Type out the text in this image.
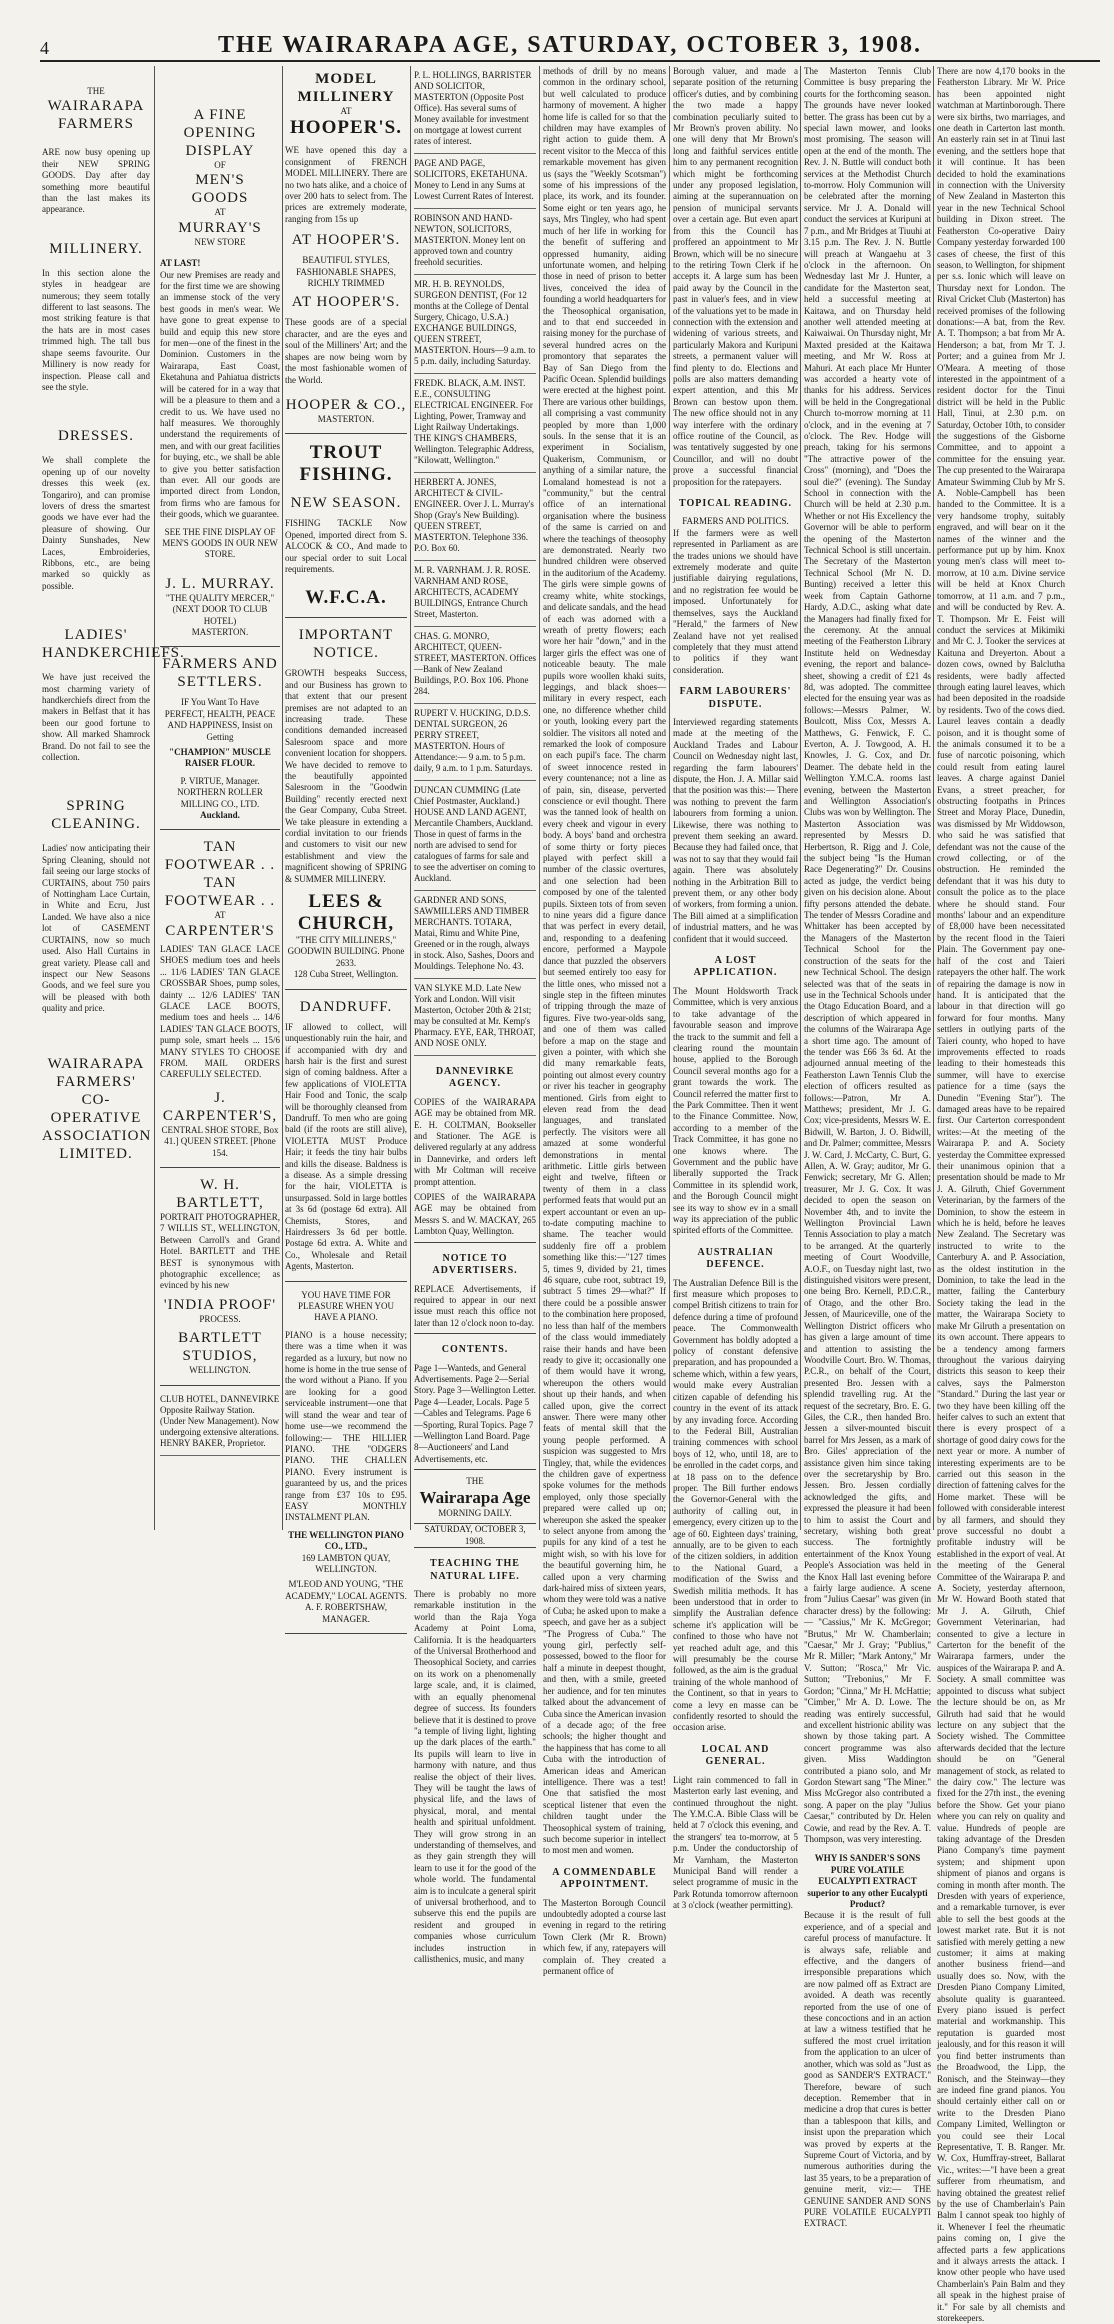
4	THE WAIRARAPA AGE, SATURDAY, OCTOBER 3, 1908.
THE
WAIRARAPA
FARMERS
ARE now busy opening up their NEW SPRING GOODS. Day after day something more beautiful than the last makes its appearance.
MILLINERY.
In this section alone the styles in headgear are numerous; they seem totally different to last seasons. The most striking feature is that the hats are in most cases trimmed high. The tall bus shape seems favourite. Our Millinery is now ready for inspection. Please call and see the style.
DRESSES.
We shall complete the opening up of our novelty dresses this week (ex. Tongariro), and can promise lovers of dress the smartest goods we have ever had the pleasure of showing. Our Dainty Sunshades, New Laces, Embroideries, Ribbons, etc., are being marked so quickly as possible.
LADIES' HANDKERCHIEFS.
We have just received the most charming variety of handkerchiefs direct from the makers in Belfast that it has been our good fortune to show. All marked Shamrock Brand. Do not fail to see the collection.
SPRING CLEANING.
Ladies' now anticipating their Spring Cleaning, should not fail seeing our large stocks of CURTAINS, about 750 pairs of Nottingham Lace Curtain, in White and Ecru, Just Landed. We have also a nice lot of CASEMENT CURTAINS, now so much used. Also Hall Curtains in great variety. Please call and inspect our New Seasons Goods, and we feel sure you will be pleased with both quality and price.
WAIRARAPA
FARMERS'
CO-OPERATIVE
ASSOCIATION
LIMITED.
A FINE
OPENING
DISPLAY
OF
MEN'S
GOODS
AT
MURRAY'S
NEW STORE
AT LAST!
Our new Premises are ready and for the first time we are showing an immense stock of the very best goods in men's wear. We have gone to great expense to build and equip this new store for men—one of the finest in the Dominion. Customers in the Wairarapa, East Coast, Eketahuna and Pahiatua districts will be catered for in a way that will be a pleasure to them and a credit to us. We have used no half measures. We thoroughly understand the requirements of men, and with our great facilities for buying, etc., we shall be able to give you better satisfaction than ever. All our goods are imported direct from London, from firms who are famous for their goods, which we guarantee.
SEE THE FINE DISPLAY OF MEN'S GOODS IN OUR NEW STORE.
J. L. MURRAY.
"THE QUALITY MERCER,"
(NEXT DOOR TO CLUB HOTEL)
MASTERTON.
FARMERS AND SETTLERS.
IF You Want To Have PERFECT, HEALTH, PEACE AND HAPPINESS, Insist on Getting
"CHAMPION" MUSCLE RAISER FLOUR.
P. VIRTUE, Manager.
NORTHERN ROLLER MILLING CO., LTD.
Auckland.
TAN FOOTWEAR . .
TAN FOOTWEAR . .
AT
CARPENTER'S
LADIES' TAN GLACE LACE SHOES medium toes and heels ... 11/6 LADIES' TAN GLACE CROSSBAR Shoes, pump soles, dainty ... 12/6 LADIES' TAN GLACE LACE BOOTS, medium toes and heels ... 14/6 LADIES' TAN GLACE BOOTS, pump sole, smart heels ... 15/6 MANY STYLES TO CHOOSE FROM. MAIL ORDERS CAREFULLY SELECTED.
J. CARPENTER'S,
CENTRAL SHOE STORE, Box 41.] QUEEN STREET. [Phone 154.
W. H. BARTLETT,
PORTRAIT PHOTOGRAPHER, 7 WILLIS ST., WELLINGTON, Between Carroll's and Grand Hotel. BARTLETT and THE BEST is synonymous with photographic excellence; as evinced by his new
'INDIA PROOF'
PROCESS.
BARTLETT
STUDIOS,
WELLINGTON.
CLUB HOTEL, DANNEVIRKE Opposite Railway Station. (Under New Management). Now undergoing extensive alterations. HENRY BAKER, Proprietor.
MODEL MILLINERY
AT
HOOPER'S.
WE have opened this day a consignment of FRENCH MODEL MILLINERY. There are no two hats alike, and a choice of over 200 hats to select from. The prices are extremely moderate, ranging from 15s up
AT HOOPER'S.
BEAUTIFUL STYLES, FASHIONABLE SHAPES, RICHLY TRIMMED
AT HOOPER'S.
These goods are of a special character, and are the eyes and soul of the Milliners' Art; and the shapes are now being worn by the most fashionable women of the World.
HOOPER & CO.,
MASTERTON.
TROUT
FISHING.
NEW SEASON.
FISHING TACKLE Now Opened, imported direct from S. ALCOCK & CO., And made to our special order to suit Local requirements.
W.F.C.A.
IMPORTANT NOTICE.
GROWTH bespeaks Success, and our Business has grown to that extent that our present premises are not adapted to an increasing trade. These conditions demanded increased Salesroom space and more convenient location for shoppers. We have decided to remove to the beautifully appointed Salesroom in the "Goodwin Building" recently erected next the Gear Company, Cuba Street. We take pleasure in extending a cordial invitation to our friends and customers to visit our new establishment and view the magnificent showing of SPRING & SUMMER MILLINERY.
LEES & CHURCH,
"THE CITY MILLINERS,"
GOODWIN BUILDING. Phone 2633.
128 Cuba Street, Wellington.
DANDRUFF.
IF allowed to collect, will unquestionably ruin the hair, and if accompanied with dry and harsh hair is the first and surest sign of coming baldness. After a few applications of VIOLETTA Hair Food and Tonic, the scalp will be thoroughly cleansed from Dandruff. To men who are going bald (if the roots are still alive), VIOLETTA MUST Produce Hair; it feeds the tiny hair bulbs and kills the disease. Baldness is a disease. As a simple dressing for the hair, VIOLETTA is unsurpassed. Sold in large bottles at 3s 6d (postage 6d extra). All Chemists, Stores, and Hairdressers 3s 6d per bottle. Postage 6d extra. A. White and Co., Wholesale and Retail Agents, Masterton.
YOU HAVE TIME FOR PLEASURE WHEN YOU HAVE A PIANO.
PIANO is a house necessity; there was a time when it was regarded as a luxury, but now no home is home in the true sense of the word without a Piano. If you are looking for a good serviceable instrument—one that will stand the wear and tear of home use—we recommend the following:— THE HILLIER PIANO. THE "ODGERS PIANO. THE CHALLEN PIANO. Every instrument is guaranteed by us, and the prices range from £37 10s to £95. EASY MONTHLY INSTALMENT PLAN.
THE WELLINGTON PIANO CO., LTD.,
169 LAMBTON QUAY, WELLINGTON.
M'LEOD AND YOUNG, "THE ACADEMY," LOCAL AGENTS.
A. F. ROBERTSHAW, MANAGER.
P. L. HOLLINGS, BARRISTER AND SOLICITOR, MASTERTON (Opposite Post Office). Has several sums of Money available for investment on mortgage at lowest current rates of interest.
PAGE AND PAGE, SOLICITORS, EKETAHUNA. Money to Lend in any Sums at Lowest Current Rates of Interest.
ROBINSON AND HAND-NEWTON, SOLICITORS, MASTERTON. Money lent on approved town and country freehold securities.
MR. H. B. REYNOLDS, SURGEON DENTIST, (For 12 months at the College of Dental Surgery, Chicago, U.S.A.) EXCHANGE BUILDINGS, QUEEN STREET, MASTERTON. Hours—9 a.m. to 5 p.m. daily, including Saturday.
FREDK. BLACK, A.M. INST. E.E., CONSULTING ELECTRICAL ENGINEER. For Lighting, Power, Tramway and Light Railway Undertakings. THE KING'S CHAMBERS, Wellington. Telegraphic Address, "Kilowatt, Wellington."
HERBERT A. JONES, ARCHITECT & CIVIL-ENGINEER. Over J. L. Murray's Shop (Gray's New Building). QUEEN STREET, MASTERTON. Telephone 336. P.O. Box 60.
M. R. VARNHAM. J. R. ROSE. VARNHAM AND ROSE, ARCHITECTS, ACADEMY BUILDINGS, Entrance Church Street, Masterton.
CHAS. G. MONRO, ARCHITECT, QUEEN-STREET, MASTERTON. Offices—Bank of New Zealand Buildings, P.O. Box 106. Phone 284.
RUPERT V. HUCKING, D.D.S. DENTAL SURGEON, 26 PERRY STREET, MASTERTON. Hours of Attendance:— 9 a.m. to 5 p.m. daily, 9 a.m. to 1 p.m. Saturdays.
DUNCAN CUMMING (Late Chief Postmaster, Auckland.) HOUSE AND LAND AGENT, Mercantile Chambers, Auckland. Those in quest of farms in the north are advised to send for catalogues of farms for sale and to see the advertiser on coming to Auckland.
GARDNER AND SONS, SAWMILLERS AND TIMBER MERCHANTS. TOTARA, Matai, Rimu and White Pine, Greened or in the rough, always in stock. Also, Sashes, Doors and Mouldings. Telephone No. 43.
VAN SLYKE M.D. Late New York and London. Will visit Masterton, October 20th & 21st; may be consulted at Mr. Kemp's Pharmacy. EYE, EAR, THROAT, AND NOSE ONLY.
DANNEVIRKE AGENCY.
COPIES of the WAIRARAPA AGE may be obtained from MR. E. H. COLTMAN, Bookseller and Stationer. The AGE is delivered regularly at any address in Dannevirke, and orders left with Mr Coltman will receive prompt attention.
COPIES of the WAIRARAPA AGE may be obtained from Messrs S. and W. MACKAY, 265 Lambton Quay, Wellington.
NOTICE TO ADVERTISERS.
REPLACE Advertisements, if required to appear in our next issue must reach this office not later than 12 o'clock noon to-day.
CONTENTS.
Page 1—Wanteds, and General Advertisements. Page 2—Serial Story. Page 3—Wellington Letter. Page 4—Leader, Locals. Page 5—Cables and Telegrams. Page 6—Sporting, Rural Topics. Page 7—Wellington Land Board. Page 8—Auctioneers' and Land Advertisements, etc.
THE
Wairarapa Age
MORNING DAILY.
SATURDAY, OCTOBER 3, 1908.
TEACHING THE NATURAL LIFE.
There is probably no more remarkable institution in the world than the Raja Yoga Academy at Point Loma, California. It is the headquarters of the Universal Brotherhood and Theosophical Society, and carries on its work on a phenomenally large scale, and, it is claimed, with an equally phenomenal degree of success. Its founders believe that it is destined to prove "a temple of living light, lighting up the dark places of the earth." Its pupils will learn to live in harmony with nature, and thus realise the object of their lives. They will be taught the laws of physical life, and the laws of physical, moral, and mental health and spiritual unfoldment. They will grow strong in an understanding of themselves, and as they gain strength they will learn to use it for the good of the whole world. The fundamental aim is to inculcate a general spirit of universal brotherhood, and to subserve this end the pupils are resident and grouped in companies whose curriculum includes instruction in callisthenics, music, and many
methods of drill by no means common in the ordinary school, but well calculated to produce harmony of movement. A higher home life is called for so that the children may have examples of right action to guide them. A recent visitor to the Mecca of this remarkable movement has given us (says the "Weekly Scotsman") some of his impressions of the place, its work, and its founder. Some eight or ten years ago, he says, Mrs Tingley, who had spent much of her life in working for the benefit of suffering and oppressed humanity, aiding unfortunate women, and helping those in need of prison to better lives, conceived the idea of founding a world headquarters for the Theosophical organisation, and to that end succeeded in raising money for the purchase of several hundred acres on the promontory that separates the Bay of San Diego from the Pacific Ocean. Splendid buildings were erected at the highest point. There are various other buildings, all comprising a vast community peopled by more than 1,000 souls. In the sense that it is an experiment in Socialism, Quakerism, Communism, or anything of a similar nature, the Lomaland homestead is not a "community," but the central office of an international organisation where the business of the same is carried on and where the teachings of theosophy are demonstrated. Nearly two hundred children were observed in the auditorium of the Academy. The girls were simple gowns of creamy white, white stockings, and delicate sandals, and the head of each was adorned with a wreath of pretty flowers; each wore her hair "down," and in the larger girls the effect was one of noticeable beauty. The male pupils wore woollen khaki suits, leggings, and black shoes—military in every respect, each one, no difference whether child or youth, looking every part the soldier. The visitors all noted and remarked the look of composure on each pupil's face. The charm of sweet innocence rested in every countenance; not a line as of pain, sin, disease, perverted conscience or evil thought. There was the tanned look of health on every cheek and vigour in every body. A boys' band and orchestra of some thirty or forty pieces played with perfect skill a number of the classic overtures, and one selection had been composed by one of the talented pupils. Sixteen tots of from seven to nine years did a figure dance that was perfect in every detail, and, responding to a deafening encore, performed a Maypole dance that puzzled the observers but seemed entirely too easy for the little ones, who missed not a single step in the fifteen minutes of tripping through the maze of figures. Five two-year-olds sang, and one of them was called before a map on the stage and given a pointer, with which she did many remarkable feats, pointing out almost every country or river his teacher in geography mentioned. Girls from eight to eleven read from the dead languages, and translated perfectly. The visitors were all amazed at some wonderful demonstrations in mental arithmetic. Little girls between eight and twelve, fifteen or twenty of them in a class performed feats that would put an expert accountant or even an up-to-date computing machine to shame. The teacher would suddenly fire off a problem something like this:—"127 times 5, times 9, divided by 21, times 46 square, cube root, subtract 19, subtract 5 times 29—what?" If there could be a possible answer to the combination here proposed, no less than half of the members of the class would immediately raise their hands and have been ready to give it; occasionally one of them would have it wrong, whereupon the others would shout up their hands, and when called upon, give the correct answer. There were many other feats of mental skill that the young people performed. A suspicion was suggested to Mrs Tingley, that, while the evidences the children gave of expertness spoke volumes for the methods employed, only those specially prepared were called up on; whereupon she asked the speaker to select anyone from among the pupils for any kind of a test he might wish, so with his love for the beautiful governing him, he called upon a very charming dark-haired miss of sixteen years, whom they were told was a native of Cuba; he asked upon to make a speech, and gave her as a subject "The Progress of Cuba." The young girl, perfectly self-possessed, bowed to the floor for half a minute in deepest thought, and then, with a smile, greeted her audience, and for ten minutes talked about the advancement of Cuba since the American invasion of a decade ago; of the free schools; the higher thought and the happiness that has come to all Cuba with the introduction of American ideas and American intelligence. There was a test! One that satisfied the most sceptical listener that even the children taught under the Theosophical system of training, such become superior in intellect to most men and women.
A COMMENDABLE APPOINTMENT.
The Masterton Borough Council undoubtedly adopted a course last evening in regard to the retiring Town Clerk (Mr R. Brown) which few, if any, ratepayers will complain of. They created a permanent office of
Borough valuer, and made a separate position of the returning officer's duties, and by combining the two made a happy combination peculiarly suited to Mr Brown's proven ability. No one will deny that Mr Brown's long and faithful services entitle him to any permanent recognition which might be forthcoming under any proposed legislation, aiming at the superannuation on pension of municipal servants over a certain age. But even apart from this the Council has proffered an appointment to Mr Brown, which will be no sinecure to the retiring Town Clerk if he accepts it. A large sum has been paid away by the Council in the past in valuer's fees, and in view of the valuations yet to be made in connection with the extension and widening of various streets, and particularly Makora and Kuripuni streets, a permanent valuer will find plenty to do. Elections and polls are also matters demanding expert attention, and this Mr Brown can bestow upon them. The new office should not in any way interfere with the ordinary office routine of the Council, as was tentatively suggested by one Councillor, and will no doubt prove a successful financial proposition for the ratepayers.
TOPICAL READING.
FARMERS AND POLITICS.
If the farmers were as well represented in Parliament as are the trades unions we should have extremely moderate and quite justifiable dairying regulations, and no registration fee would be imposed. Unfortunately for themselves, says the Auckland "Herald," the farmers of New Zealand have not yet realised completely that they must attend to politics if they want consideration.
FARM LABOURERS' DISPUTE.
Interviewed regarding statements made at the meeting of the Auckland Trades and Labour Council on Wednesday night last, regarding the farm labourers' dispute, the Hon. J. A. Millar said that the position was this:— There was nothing to prevent the farm labourers from forming a union. Likewise, there was nothing to prevent them seeking an award. Because they had failed once, that was not to say that they would fail again. There was absolutely nothing in the Arbitration Bill to prevent them, or any other body of workers, from forming a union. The Bill aimed at a simplification of industrial matters, and he was confident that it would succeed.
A LOST APPLICATION.
The Mount Holdsworth Track Committee, which is very anxious to take advantage of the favourable season and improve the track to the summit and fell a clearing round the mountain house, applied to the Borough Council several months ago for a grant towards the work. The Council referred the matter first to the Park Committee. Then it went to the Finance Committee. Now, according to a member of the Track Committee, it has gone no one knows where. The Government and the public have liberally supported the Track Committee in its splendid work, and the Borough Council might see its way to show ev in a small way its appreciation of the public spirited efforts of the Committee.
AUSTRALIAN DEFENCE.
The Australian Defence Bill is the first measure which proposes to compel British citizens to train for defence during a time of profound peace. The Commonwealth Government has boldly adopted a policy of constant defensive preparation, and has propounded a scheme which, within a few years, would make every Australian citizen capable of defending his country in the event of its attack by any invading force. According to the Federal Bill, Australian training commences with school boys of 12, who, until 18, are to be enrolled in the cadet corps, and at 18 pass on to the defence proper. The Bill further endows the Governor-General with the authority of calling out, in emergency, every citizen up to the age of 60. Eighteen days' training, annually, are to be given to each of the citizen soldiers, in addition to the National Guard, a modification of the Swiss and Swedish militia methods. It has been understood that in order to simplify the Australian defence scheme it's application will be confined to those who have not yet reached adult age, and this will presumably be the course followed, as the aim is the gradual training of the whole manhood of the Continent, so that in years to come a levy en masse can be confidently resorted to should the occasion arise.
LOCAL AND GENERAL.
Light rain commenced to fall in Masterton early last evening, and continued throughout the night. The Y.M.C.A. Bible Class will be held at 7 o'clock this evening, and the strangers' tea to-morrow, at 5 p.m. Under the conductorship of Mr Varnham, the Masterton Municipal Band will render a select programme of music in the Park Rotunda tomorrow afternoon at 3 o'clock (weather permitting).
The Masterton Tennis Club Committee is busy preparing the courts for the forthcoming season. The grounds have never looked better. The grass has been cut by a special lawn mower, and looks most promising. The season will open at the end of the month. The Rev. J. N. Buttle will conduct both services at the Methodist Church to-morrow. Holy Communion will be celebrated after the morning service. Mr J. A. Donald will conduct the services at Kuripuni at 7 p.m., and Mr Bridges at Tiuuhi at 3.15 p.m. The Rev. J. N. Buttle will preach at Wangaehu at 3 o'clock in the afternoon. On Wednesday last Mr J. Hunter, a candidate for the Masterton seat, held a successful meeting at Kaitawa, and on Thursday held another well attended meeting at Kaiwaiwai. On Thursday night, Mr Maxted presided at the Kaitawa meeting, and Mr W. Ross at Mahuri. At each place Mr Hunter was accorded a hearty vote of thanks for his address. Services will be held in the Congregational Church to-morrow morning at 11 o'clock, and in the evening at 7 o'clock. The Rev. Hodge will preach, taking for his sermons "The attractive power of the Cross" (morning), and "Does the soul die?" (evening). The Sunday School in connection with the Church will be held at 2.30 p.m. Whether or not His Excellency the Governor will be able to perform the opening of the Masterton Technical School is still uncertain. The Secretary of the Masterton Technical School (Mr N. D. Bunting) received a letter this week from Captain Gathorne Hardy, A.D.C., asking what date the Managers had finally fixed for the ceremony. At the annual meeting of the Featherston Library Institute held on Wednesday evening, the report and balance-sheet, showing a credit of £21 4s 8d, was adopted. The committee elected for the ensuing year was as follows:—Messrs Palmer, W. Boulcott, Miss Cox, Messrs A. Matthews, G. Fenwick, F. C. Everton, A. J. Towgood, A. H. Knowles, J. G. Cox, and Dr. Deamer. The debate held in the Wellington Y.M.C.A. rooms last evening, between the Masterton and Wellington Association's Clubs was won by Wellington. The Masterton Association was represented by Messrs D. Herbertson, R. Rigg and J. Cole, the subject being "Is the Human Race Degenerating?" Dr. Cousins acted as judge, the verdict being given on his decision alone. About fifty persons attended the debate. The tender of Messrs Coradine and Whittaker has been accepted by the Managers of the Masterton Technical School for the construction of the seats for the new Technical School. The design selected was that of the seats in use in the Technical Schools under the Otago Education Board, and a description of which appeared in the columns of the Wairarapa Age a short time ago. The amount of the tender was £66 3s 6d. At the adjourned annual meeting of the Featherston Lawn Tennis Club the election of officers resulted as follows:—Patron, Mr A. Matthews; president, Mr J. G. Cox; vice-presidents, Messrs W. E. Bidwill, W. Barton, J. O. Bidwill, and Dr. Palmer; committee, Messrs J. W. Card, J. McCarty, C. Burt, G. Allen, A. W. Gray; auditor, Mr G. Fenwick; secretary, Mr G. Allen; treasurer, Mr J. G. Cox. It was decided to open the season on November 4th, and to invite the Wellington Provincial Lawn Tennis Association to play a match to be arranged. At the quarterly meeting of Court Woodville, A.O.F., on Tuesday night last, two distinguished visitors were present, one being Bro. Kernell, P.D.C.R., of Otago, and the other Bro. Jessen, of Mauriceville, one of the Wellington District officers who has given a large amount of time and attention to assisting the Woodville Court. Bro. W. Thomas, P.C.R., on behalf of the Court, presented Bro. Jessen with a splendid travelling rug. At the request of the secretary, Bro. E. G. Giles, the C.R., then handed Bro. Jessen a silver-mounted biscuit barrel for Mrs Jessen, as a mark of Bro. Giles' appreciation of the assistance given him since taking over the secretaryship by Bro. Jessen. Bro. Jessen cordially acknowledged the gifts, and expressed the pleasure it had been to him to assist the Court and secretary, wishing both great success. The fortnightly entertainment of the Knox Young People's Association was held in the Knox Hall last evening before a fairly large audience. A scene from "Julius Caesar" was given (in character dress) by the following:— "Cassius," Mr K. McGregor; "Brutus," Mr W. Chamberlain; "Caesar," Mr J. Gray; "Publius," Mr R. Miller; "Mark Antony," Mr V. Sutton; "Rosca," Mr Vic. Sutton; "Trebonius," Mr F. Gordon; "Cinna," Mr H. McHattie; "Cimber," Mr A. D. Lowe. The reading was entirely successful, and excellent histrionic ability was shown by those taking part. A concert programme was also given. Miss Waddington contributed a piano solo, and Mr Gordon Stewart sang "The Miner." Miss McGregor also contributed a song. A paper on the play "Julius Caesar," contributed by Dr. Helen Cowie, and read by the Rev. A. T. Thompson, was very interesting.
WHY IS SANDER'S SONS PURE VOLATILE EUCALYPTI EXTRACT superior to any other Eucalypti Product?
Because it is the result of full experience, and of a special and careful process of manufacture. It is always safe, reliable and effective, and the dangers of irresponsible preparations which are now palmed off as Extract are avoided. A death was recently reported from the use of one of these concoctions and in an action at law a witness testified that he suffered the most cruel irritation from the application to an ulcer of another, which was sold as "Just as good as SANDER'S EXTRACT." Therefore, beware of such deception. Remember that in medicine a drop that cures is better than a tablespoon that kills, and insist upon the preparation which was proved by experts at the Supreme Court of Victoria, and by numerous authorities during the last 35 years, to be a preparation of genuine merit, viz:— THE GENUINE SANDER AND SONS PURE VOLATILE EUCALYPTI EXTRACT.
There are now 4,170 books in the Featherston Library. Mr W. Price has been appointed night watchman at Martinborough. There were six births, two marriages, and one death in Carterton last month. An easterly rain set in at Tinui last evening, and the settlers hope that it will continue. It has been decided to hold the examinations in connection with the University of New Zealand in Masterton this year in the new Technical School building in Dixon street. The Featherston Co-operative Dairy Company yesterday forwarded 100 cases of cheese, the first of this season, to Wellington, for shipment per s.s. Ionic which will leave on Thursday next for London. The Rival Cricket Club (Masterton) has received promises of the following donations:—A bat, from the Rev. A. T. Thompson; a bat from Mr A. Henderson; a bat, from Mr T. J. Porter; and a guinea from Mr J. O'Meara. A meeting of those interested in the appointment of a resident doctor for the Tinui district will be held in the Public Hall, Tinui, at 2.30 p.m. on Saturday, October 10th, to consider the suggestions of the Gisborne Committee, and to appoint a committee for the ensuing year. The cup presented to the Wairarapa Amateur Swimming Club by Mr S. A. Noble-Campbell has been handed to the Committee. It is a very handsome trophy, suitably engraved, and will bear on it the names of the winner and the performance put up by him. Knox young men's class will meet to-morrow, at 10 a.m. Divine service will be held at Knox Church tomorrow, at 11 a.m. and 7 p.m., and will be conducted by Rev. A. T. Thompson. Mr E. Feist will conduct the services at Mikimiki and Mr C. J. Tooker the services at Kaituna and Dreyerton. About a dozen cows, owned by Balclutha residents, were badly affected through eating laurel leaves, which had been deposited in the roadside by residents. Two of the cows died. Laurel leaves contain a deadly poison, and it is thought some of the animals consumed it to be a fuse of narcotic poisoning, which could result from eating laurel leaves. A charge against Daniel Evans, a street preacher, for obstructing footpaths in Princes Street and Moray Place, Dunedin, was dismissed by Mr Widdowson, who said he was satisfied that defendant was not the cause of the crowd collecting, or of the obstruction. He reminded the defendant that it was his duty to consult the police as to the place where he should stand. Four months' labour and an expenditure of £8,000 have been necessitated by the recent flood in the Taieri Plain. The Government pay one-half of the cost and Taieri ratepayers the other half. The work of repairing the damage is now in hand. It is anticipated that the labour in that direction will go forward for four months. Many settlers in outlying parts of the Taieri county, who hoped to have improvements effected to roads leading to their homesteads this summer, will have to exercise patience for a time (says the Dunedin "Evening Star"). The damaged areas have to be repaired first. Our Carterton correspondent writes:—At the meeting of the Wairarapa P. and A. Society yesterday the Committee expressed their unanimous opinion that a presentation should be made to Mr J. A. Gilruth, Chief Government Veterinarian, by the farmers of the Dominion, to show the esteem in which he is held, before he leaves New Zealand. The Secretary was instructed to write to the Canterbury A. and P. Association, as the oldest institution in the Dominion, to take the lead in the matter, failing the Canterbury Society taking the lead in the matter, the Wairarapa Society to make Mr Gilruth a presentation on its own account. There appears to be a tendency among farmers throughout the various dairying districts this season to keep their calves, says the Palmerston "Standard." During the last year or two they have been killing off the heifer calves to such an extent that there is every prospect of a shortage of good dairy cows for the next year or more. A number of interesting experiments are to be carried out this season in the direction of fattening calves for the Home market. These will be followed with considerable interest by all farmers, and should they prove successful no doubt a profitable industry will be established in the export of veal. At the meeting of the General Committee of the Wairarapa P. and A. Society, yesterday afternoon, Mr W. Howard Booth stated that Mr J. A. Gilruth, Chief Government Veterinarian, had consented to give a lecture in Carterton for the benefit of the Wairarapa farmers, under the auspices of the Wairarapa P. and A. Society. A small committee was appointed to discuss what subject the lecture should be on, as Mr Gilruth had said that he would lecture on any subject that the Society wished. The Committee afterwards decided that the lecture should be on "General management of stock, as related to the dairy cow." The lecture was fixed for the 27th inst., the evening before the Show. Get your piano where you can rely on quality and value. Hundreds of people are taking advantage of the Dresden Piano Company's time payment system; and shipment upon shipment of pianos and organs is coming in month after month. The Dresden with years of experience, and a remarkable turnover, is ever able to sell the best goods at the lowest market rate. But it is not satisfied with merely getting a new customer; it aims at making another business friend—and usually does so. Now, with the Dresden Piano Company Limited, absolute quality is guaranteed. Every piano issued is perfect material and workmanship. This reputation is guarded most jealously, and for this reason it will you find better instruments than the Broadwood, the Lipp, the Ronisch, and the Steinway—they are indeed fine grand pianos. You should certainly either call on or write to the Dresden Piano Company Limited, Wellington or you could see their Local Representative, T. B. Ranger. Mr. W. Cox, Humffray-street, Ballarat Vic., writes:—"I have been a great sufferer from rheumatism, and having obtained the greatest relief by the use of Chamberlain's Pain Balm I cannot speak too highly of it. Whenever I feel the rheumatic pains coming on, I give the affected parts a few applications and it always arrests the attack. I know other people who have used Chamberlain's Pain Balm and they all speak in the highest praise of it." For sale by all chemists and storekeepers.
